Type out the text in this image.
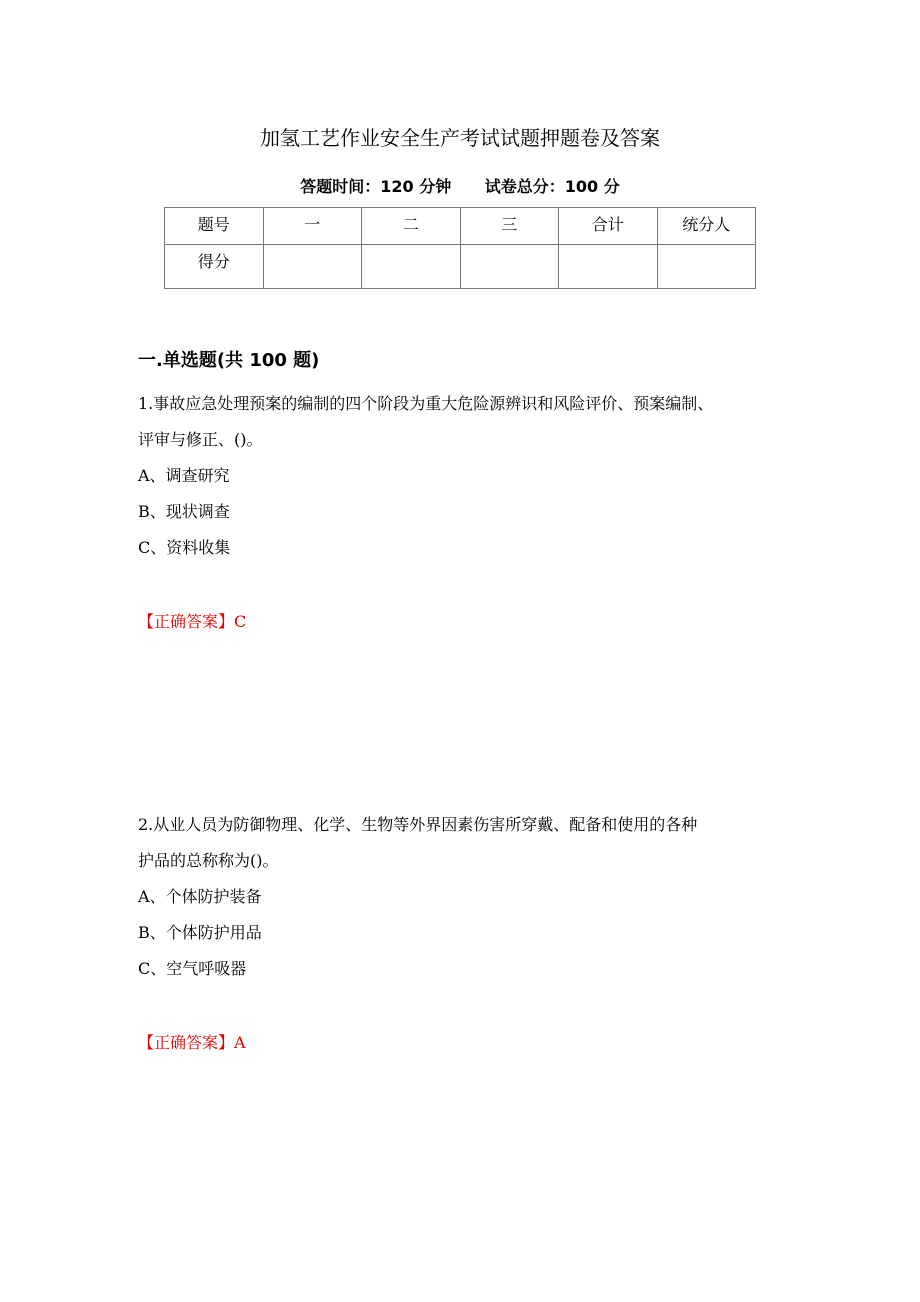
加氢工艺作业安全生产考试试题押题卷及答案
答题时间：120 分钟 试卷总分：100 分
题号	一	二	三	合计	统分人
得分					
一.单选题(共 100 题)
1.事故应急处理预案的编制的四个阶段为重大危险源辨识和风险评价、预案编制、
评审与修正、()。
A、调查研究
B、现状调查
C、资料收集
【正确答案】C
2.从业人员为防御物理、化学、生物等外界因素伤害所穿戴、配备和使用的各种
护品的总称称为()。
A、个体防护装备
B、个体防护用品
C、空气呼吸器
【正确答案】A
